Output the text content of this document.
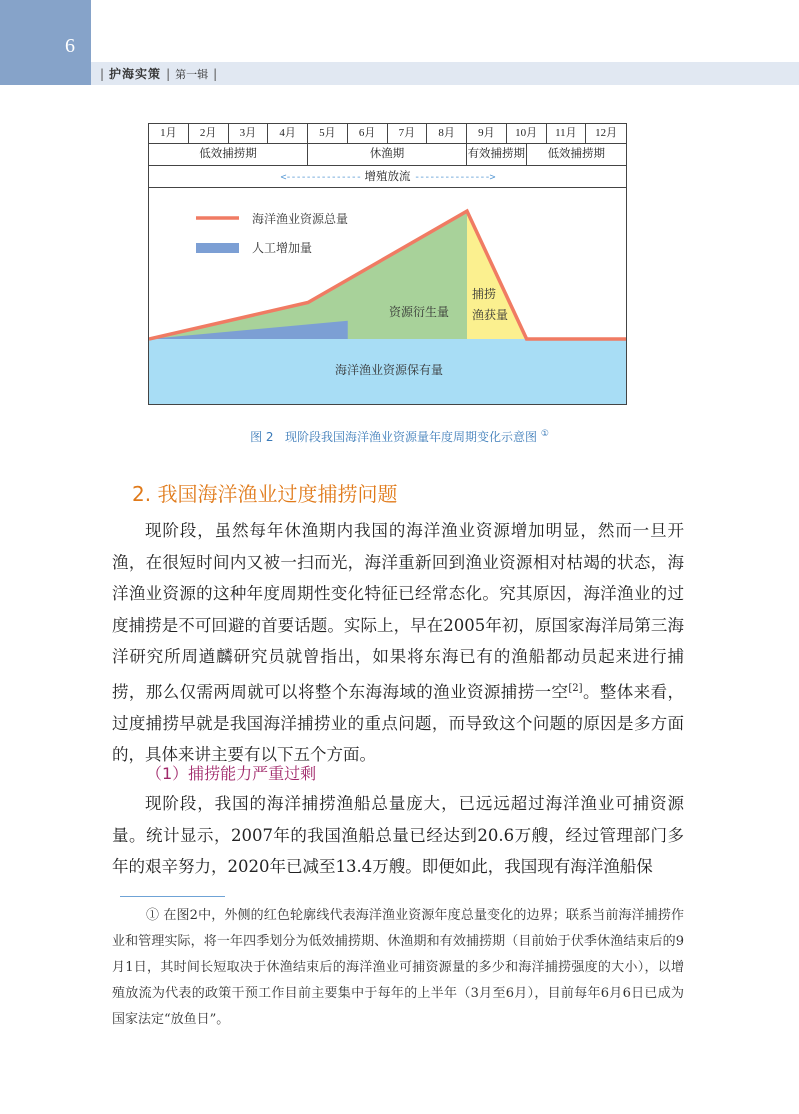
6
| 护海实策 | 第一辑 |
1月	2月	3月	4月	5月	6月	7月	8月	9月	10月	11月	12月
低效捕捞期	休渔期	有效捕捞期	低效捕捞期
<--------------- 增殖放流 --------------->
海洋渔业资源总量
人工增加量
资源衍生量
捕捞
渔获量
海洋渔业资源保有量
图 2 现阶段我国海洋渔业资源量年度周期变化示意图 ①
2. 我国海洋渔业过度捕捞问题
现阶段，虽然每年休渔期内我国的海洋渔业资源增加明显，然而一旦开渔，在很短时间内又被一扫而光，海洋重新回到渔业资源相对枯竭的状态，海洋渔业资源的这种年度周期性变化特征已经常态化。究其原因，海洋渔业的过度捕捞是不可回避的首要话题。实际上，早在2005年初，原国家海洋局第三海洋研究所周遒麟研究员就曾指出，如果将东海已有的渔船都动员起来进行捕捞，那么仅需两周就可以将整个东海海域的渔业资源捕捞一空[2]。整体来看，过度捕捞早就是我国海洋捕捞业的重点问题，而导致这个问题的原因是多方面的，具体来讲主要有以下五个方面。
（1）捕捞能力严重过剩
现阶段，我国的海洋捕捞渔船总量庞大，已远远超过海洋渔业可捕资源量。统计显示，2007年的我国渔船总量已经达到20.6万艘，经过管理部门多年的艰辛努力，2020年已减至13.4万艘。即便如此，我国现有海洋渔船保
① 在图2中，外侧的红色轮廓线代表海洋渔业资源年度总量变化的边界；联系当前海洋捕捞作业和管理实际，将一年四季划分为低效捕捞期、休渔期和有效捕捞期（目前始于伏季休渔结束后的9月1日，其时间长短取决于休渔结束后的海洋渔业可捕资源量的多少和海洋捕捞强度的大小），以增殖放流为代表的政策干预工作目前主要集中于每年的上半年（3月至6月），目前每年6月6日已成为国家法定“放鱼日”。
